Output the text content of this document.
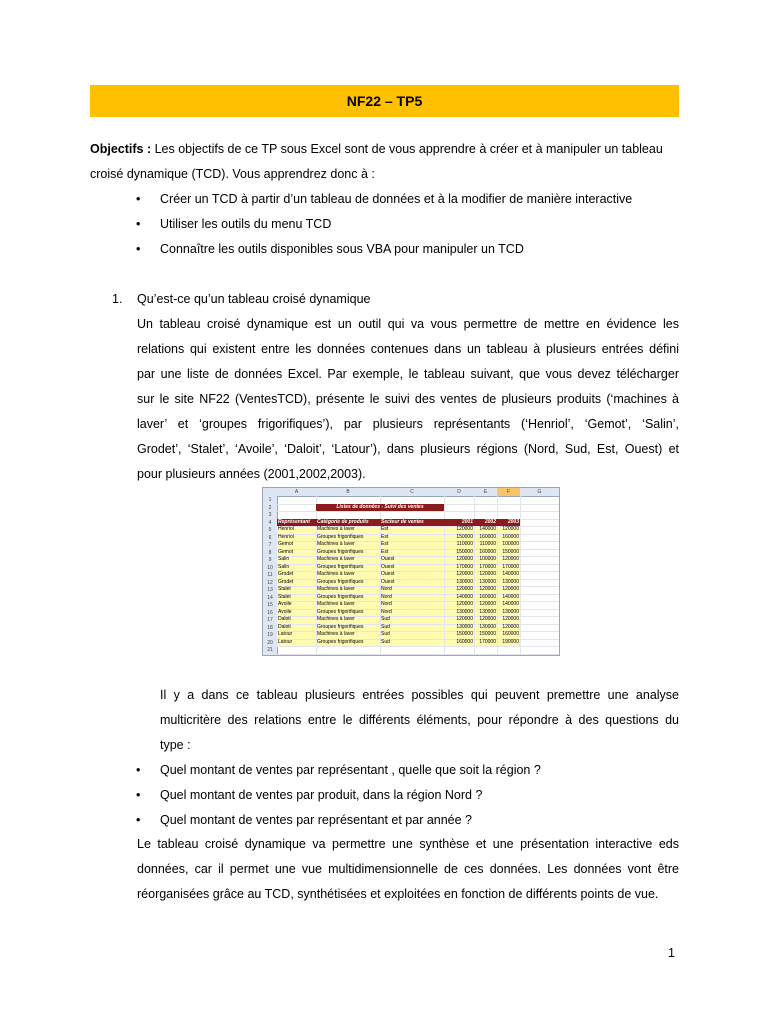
NF22 – TP5
Objectifs : Les objectifs de ce TP sous Excel sont de vous apprendre à créer et à manipuler un tableau
croisé dynamique (TCD). Vous apprendrez donc à :
• Créer un TCD à partir d’un tableau de données et à la modifier de manière interactive
• Utiliser les outils du menu TCD
• Connaître les outils disponibles sous VBA pour manipuler un TCD
1. Qu’est-ce qu’un tableau croisé dynamique
Un tableau croisé dynamique est un outil qui va vous permettre de mettre en évidence les
relations qui existent entre les données contenues dans un tableau à plusieurs entrées défini
par une liste de données Excel. Par exemple, le tableau suivant, que vous devez télécharger
sur le site NF22 (VentesTCD), présente le suivi des ventes de plusieurs produits (‘machines à
laver’ et ‘groupes frigorifiques’), par plusieurs représentants (‘Henriol’, ‘Gemot’, ‘Salin’,
Grodet’, ‘Stalet’, ‘Avoile’, ‘Daloit’, ‘Latour’), dans plusieurs régions (Nord, Sud, Est, Ouest) et
pour plusieurs années (2001,2002,2003).
A	B	C	D	E	F	G
1
2
3
4
5
6
7
8
9
10
11
12
13
14
15
16
17
18
19
20
21
Listes de données - Suivi des ventes
Représentant	Catégorie de produits	Secteur de ventes	2001	2002	2003
Henriol	Machines à laver	Est	120000	140000	120000
Henriol	Groupes frigorifiques	Est	150000	160000	160000
Gemot	Machines à laver	Est	110000	110000	100000
Gemot	Groupes frigorifiques	Est	150000	160000	150000
Salin	Machines à laver	Ouest	120000	100000	120000
Salin	Groupes frigorifiques	Ouest	170000	170000	170000
Grodet	Machines à laver	Ouest	120000	120000	140000
Grodet	Groupes frigorifiques	Ouest	130000	130000	130000
Stalet	Machines à laver	Nord	120000	120000	120000
Stalet	Groupes frigorifiques	Nord	140000	160000	140000
Avoile	Machines à laver	Nord	120000	120000	140000
Avoile	Groupes frigorifiques	Nord	130000	130000	130000
Daloit	Machines à laver	Sud	120000	120000	120000
Daloit	Groupes frigorifiques	Sud	130000	130000	120000
Latour	Machines à laver	Sud	150000	150000	160000
Latour	Groupes frigorifiques	Sud	160000	170000	190000
Il y a dans ce tableau plusieurs entrées possibles qui peuvent premettre une analyse
multicritère des relations entre le différents éléments, pour répondre à des questions du
type :
• Quel montant de ventes par représentant , quelle que soit la région ?
• Quel montant de ventes par produit, dans la région Nord ?
• Quel montant de ventes par représentant et par année ?
Le tableau croisé dynamique va permettre une synthèse et une présentation interactive eds
données, car il permet une vue multidimensionnelle de ces données. Les données vont être
réorganisées grâce au TCD, synthétisées et exploitées en fonction de différents points de vue.
1
